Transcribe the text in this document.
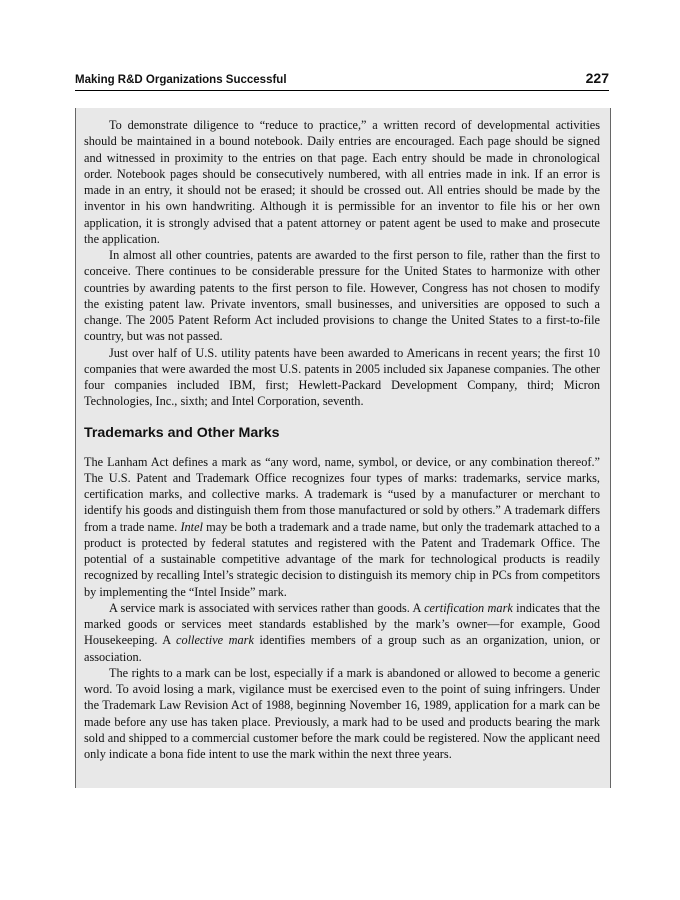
Making R&D Organizations Successful	227

To demonstrate diligence to “reduce to practice,” a written record of developmental activities should be maintained in a bound notebook. Daily entries are encouraged. Each page should be signed and witnessed in proximity to the entries on that page. Each entry should be made in chronological order. Notebook pages should be consecutively numbered, with all entries made in ink. If an error is made in an entry, it should not be erased; it should be crossed out. All entries should be made by the inventor in his own handwriting. Although it is permissible for an inventor to file his or her own application, it is strongly advised that a patent attorney or patent agent be used to make and prosecute the application.

In almost all other countries, patents are awarded to the first person to file, rather than the first to conceive. There continues to be considerable pressure for the United States to harmonize with other countries by awarding patents to the first person to file. However, Congress has not chosen to modify the existing patent law. Private inventors, small businesses, and universities are opposed to such a change. The 2005 Patent Reform Act included provisions to change the United States to a first-to-file country, but was not passed.

Just over half of U.S. utility patents have been awarded to Americans in recent years; the first 10 companies that were awarded the most U.S. patents in 2005 included six Japanese companies. The other four companies included IBM, first; Hewlett-Packard Development Company, third; Micron Technologies, Inc., sixth; and Intel Corporation, seventh.

Trademarks and Other Marks

The Lanham Act defines a mark as “any word, name, symbol, or device, or any combination thereof.” The U.S. Patent and Trademark Office recognizes four types of marks: trademarks, service marks, certification marks, and collective marks. A trademark is “used by a manufacturer or merchant to identify his goods and distinguish them from those manufactured or sold by others.” A trademark differs from a trade name. Intel may be both a trademark and a trade name, but only the trademark attached to a product is protected by federal statutes and registered with the Patent and Trademark Office. The potential of a sustainable competitive advantage of the mark for technological products is readily recognized by recalling Intel’s strategic decision to distinguish its memory chip in PCs from competitors by implementing the “Intel Inside” mark.

A service mark is associated with services rather than goods. A certification mark indicates that the marked goods or services meet standards established by the mark’s owner—for example, Good Housekeeping. A collective mark identifies members of a group such as an organization, union, or association.

The rights to a mark can be lost, especially if a mark is abandoned or allowed to become a generic word. To avoid losing a mark, vigilance must be exercised even to the point of suing infringers. Under the Trademark Law Revision Act of 1988, beginning November 16, 1989, application for a mark can be made before any use has taken place. Previously, a mark had to be used and products bearing the mark sold and shipped to a commercial customer before the mark could be registered. Now the applicant need only indicate a bona fide intent to use the mark within the next three years.
